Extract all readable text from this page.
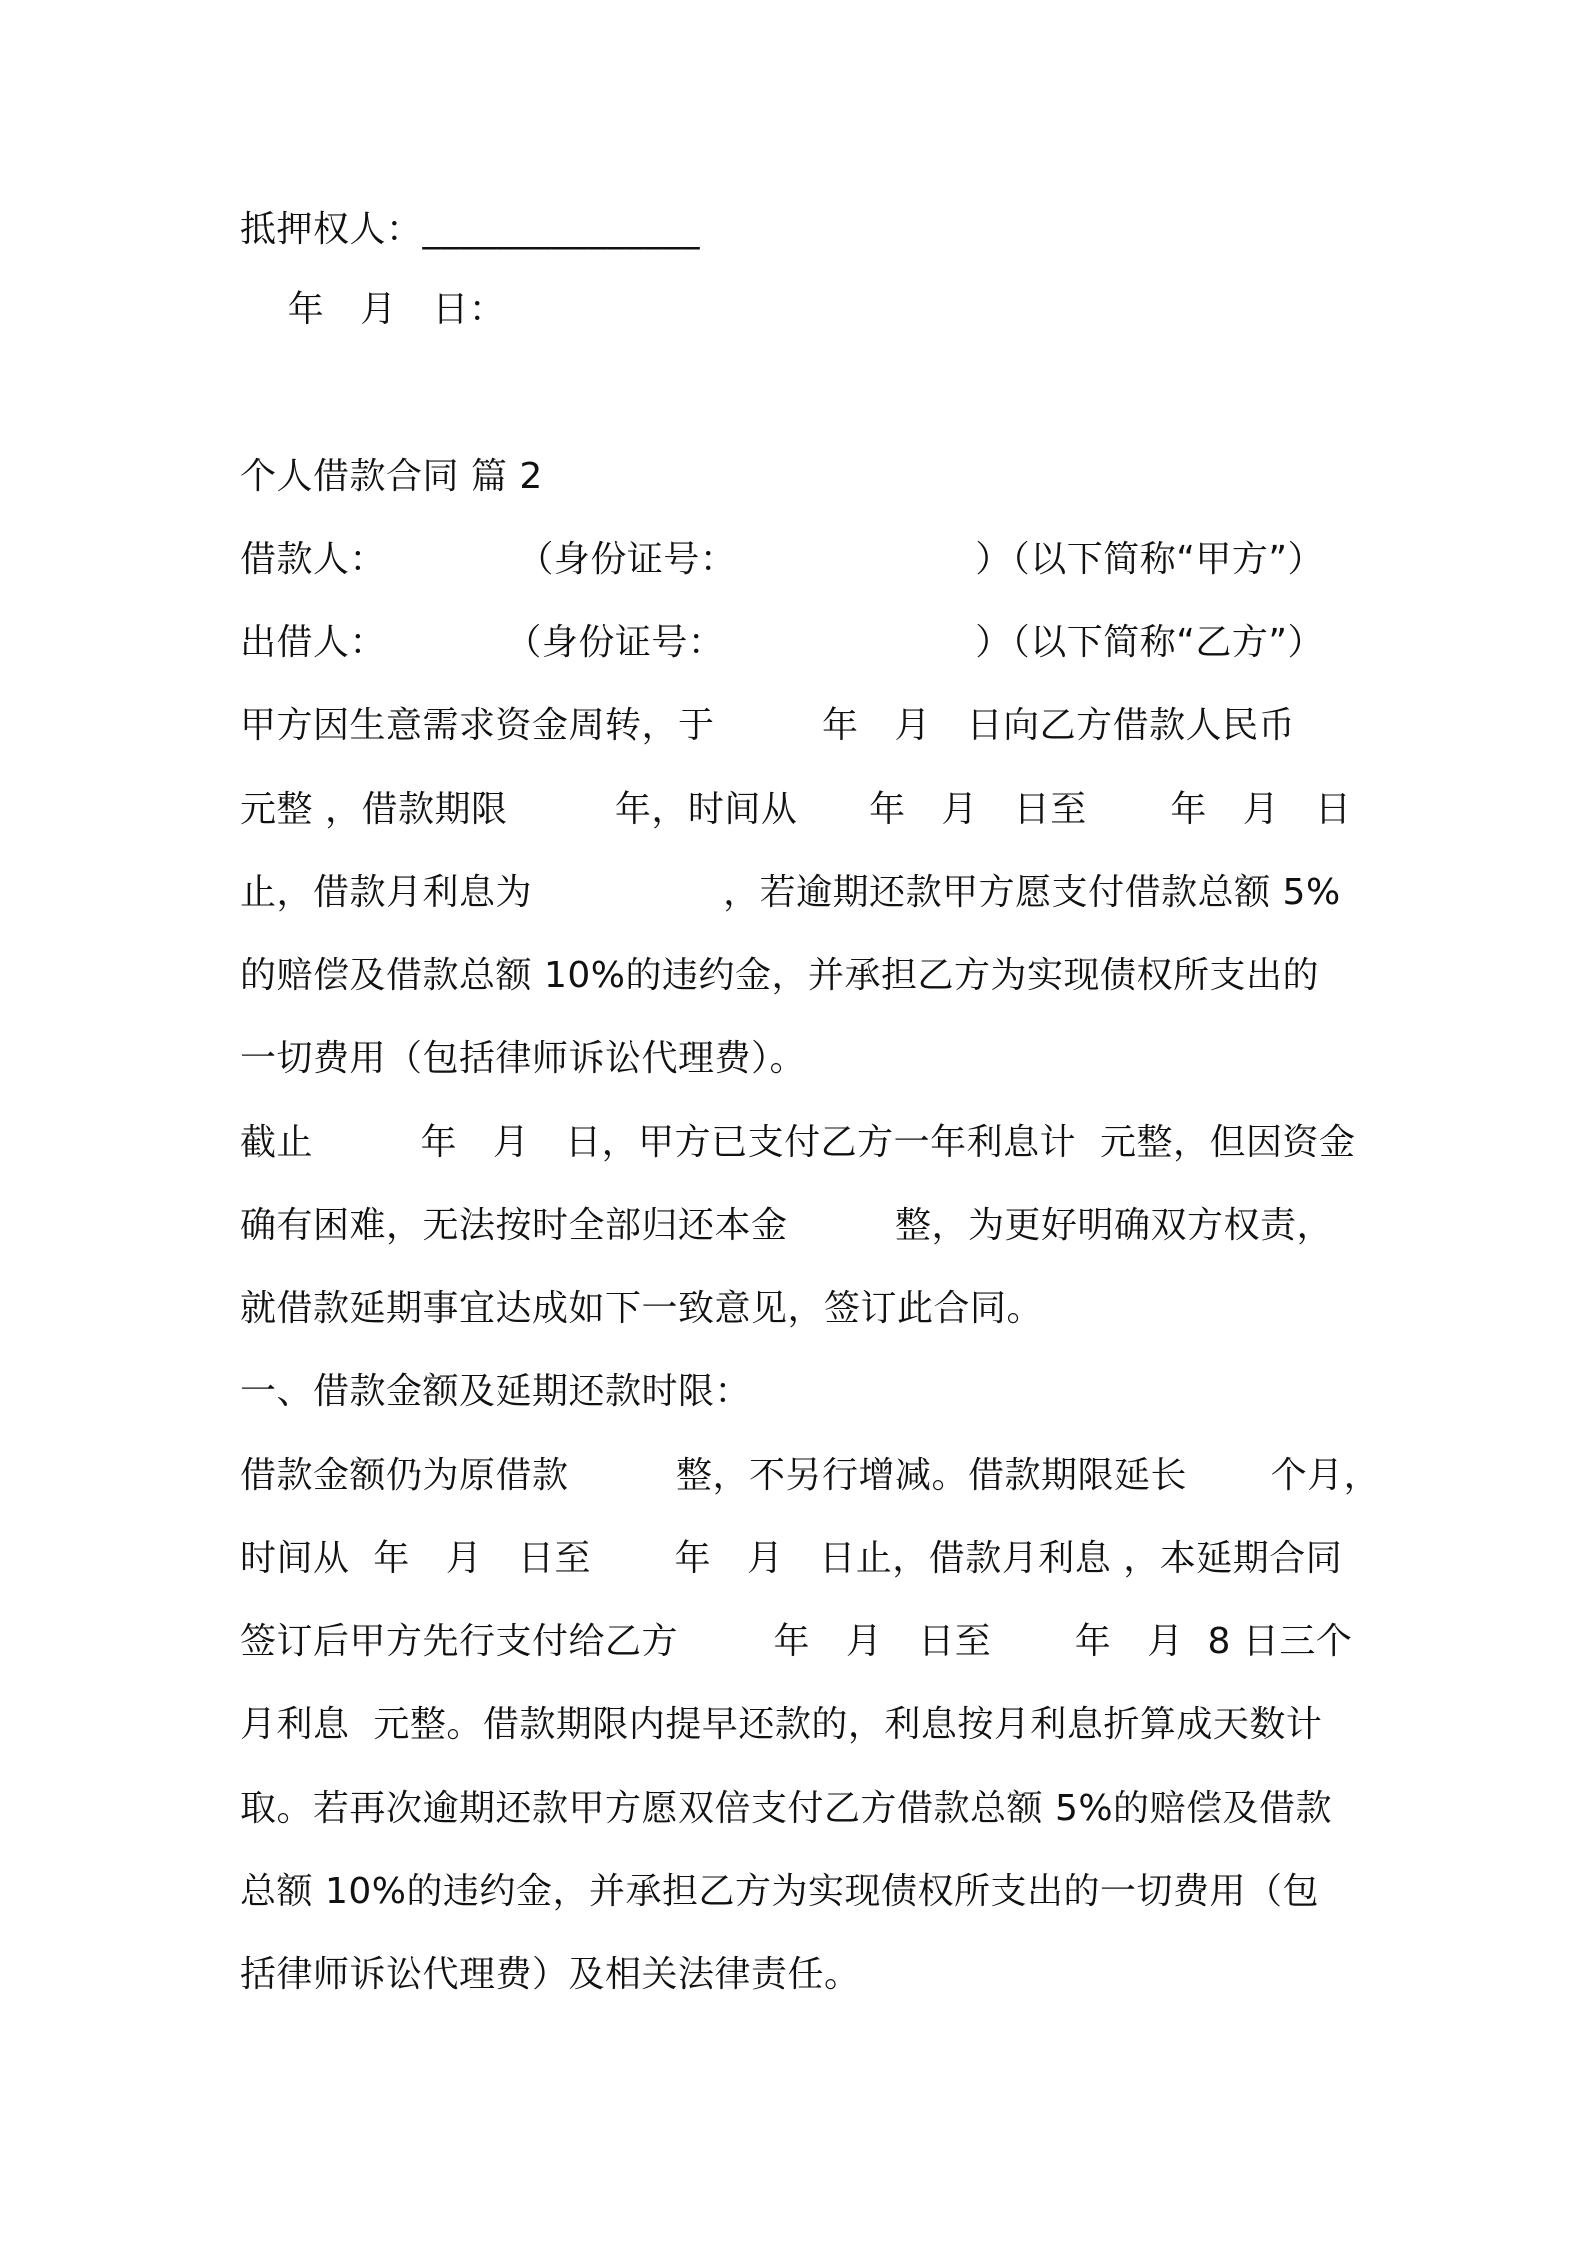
抵押权人：_______________
年   月   日：
个人借款合同 篇 2
借款人：           （身份证号：                    ）（以下简称“甲方”）
出借人：          （身份证号：                     ）（以下简称“乙方”）
甲方因生意需求资金周转，于         年   月   日向乙方借款人民币
元整 ，借款期限         年，时间从      年   月   日至       年   月   日
止，借款月利息为                ，若逾期还款甲方愿支付借款总额 5%
的赔偿及借款总额 10%的违约金，并承担乙方为实现债权所支出的
一切费用（包括律师诉讼代理费）。
截止         年   月   日，甲方已支付乙方一年利息计  元整，但因资金
确有困难，无法按时全部归还本金         整，为更好明确双方权责，
就借款延期事宜达成如下一致意见，签订此合同。
一、借款金额及延期还款时限：
借款金额仍为原借款         整，不另行增减。借款期限延长       个月，
时间从  年   月   日至       年   月   日止，借款月利息 ，本延期合同
签订后甲方先行支付给乙方        年   月   日至       年   月  8 日三个
月利息  元整。借款期限内提早还款的，利息按月利息折算成天数计
取。若再次逾期还款甲方愿双倍支付乙方借款总额 5%的赔偿及借款
总额 10%的违约金，并承担乙方为实现债权所支出的一切费用（包
括律师诉讼代理费）及相关法律责任。
